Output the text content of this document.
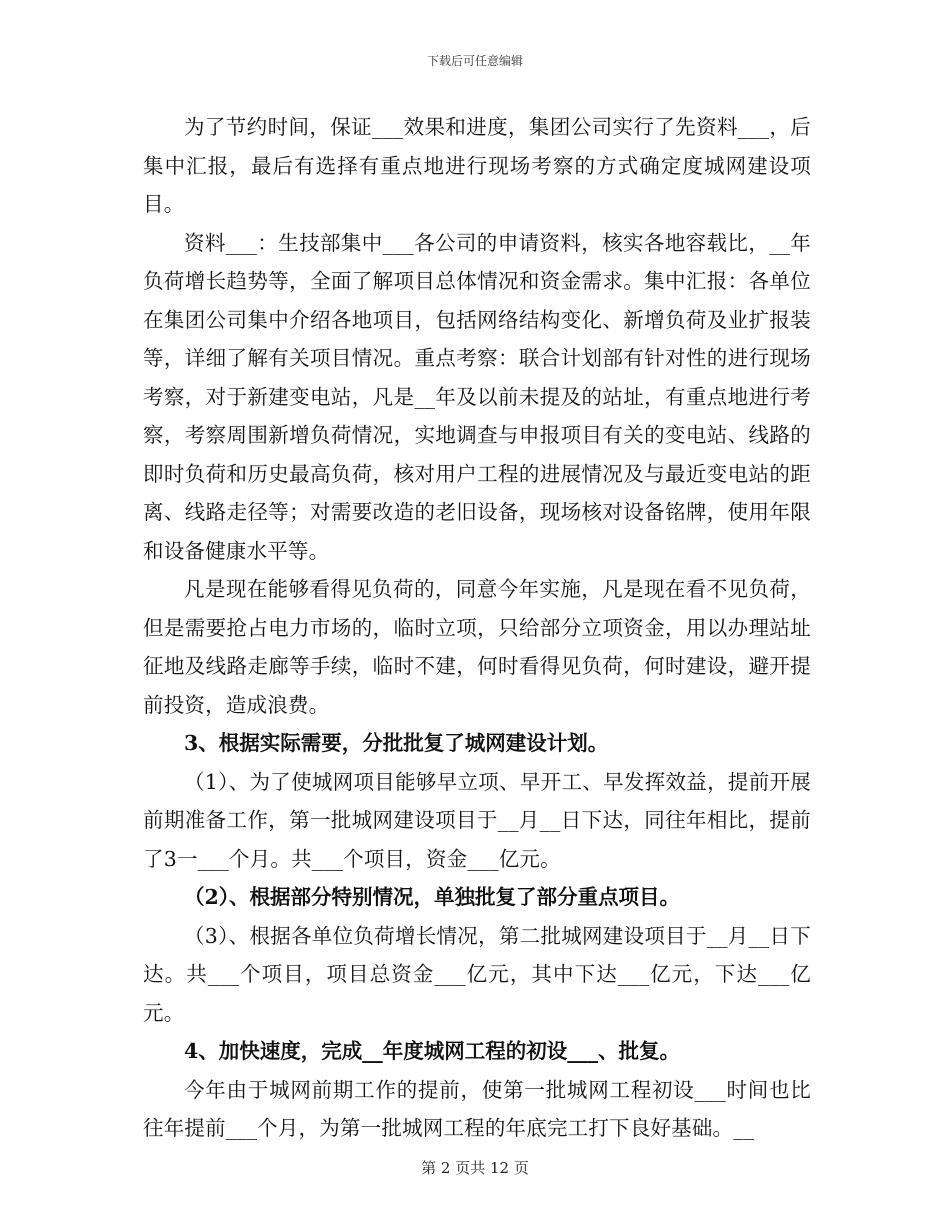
下载后可任意编辑

为了节约时间，保证___效果和进度，集团公司实行了先资料___，后集中汇报，最后有选择有重点地进行现场考察的方式确定度城网建设项目。

资料___：生技部集中___各公司的申请资料，核实各地容载比，__年负荷增长趋势等，全面了解项目总体情况和资金需求。集中汇报：各单位在集团公司集中介绍各地项目，包括网络结构变化、新增负荷及业扩报装等，详细了解有关项目情况。重点考察：联合计划部有针对性的进行现场考察，对于新建变电站，凡是__年及以前未提及的站址，有重点地进行考察，考察周围新增负荷情况，实地调查与申报项目有关的变电站、线路的即时负荷和历史最高负荷，核对用户工程的进展情况及与最近变电站的距离、线路走径等；对需要改造的老旧设备，现场核对设备铭牌，使用年限和设备健康水平等。

凡是现在能够看得见负荷的，同意今年实施，凡是现在看不见负荷，但是需要抢占电力市场的，临时立项，只给部分立项资金，用以办理站址征地及线路走廊等手续，临时不建，何时看得见负荷，何时建设，避开提前投资，造成浪费。

3、根据实际需要，分批批复了城网建设计划。

（1）、为了使城网项目能够早立项、早开工、早发挥效益，提前开展前期准备工作，第一批城网建设项目于__月__日下达，同往年相比，提前了3一___个月。共___个项目，资金___亿元。

（2）、根据部分特别情况，单独批复了部分重点项目。

（3）、根据各单位负荷增长情况，第二批城网建设项目于__月__日下达。共___个项目，项目总资金___亿元，其中下达___亿元，下达___亿元。

4、加快速度，完成__年度城网工程的初设___、批复。

今年由于城网前期工作的提前，使第一批城网工程初设___时间也比往年提前___个月，为第一批城网工程的年底完工打下良好基础。__

第 2 页共 12 页
